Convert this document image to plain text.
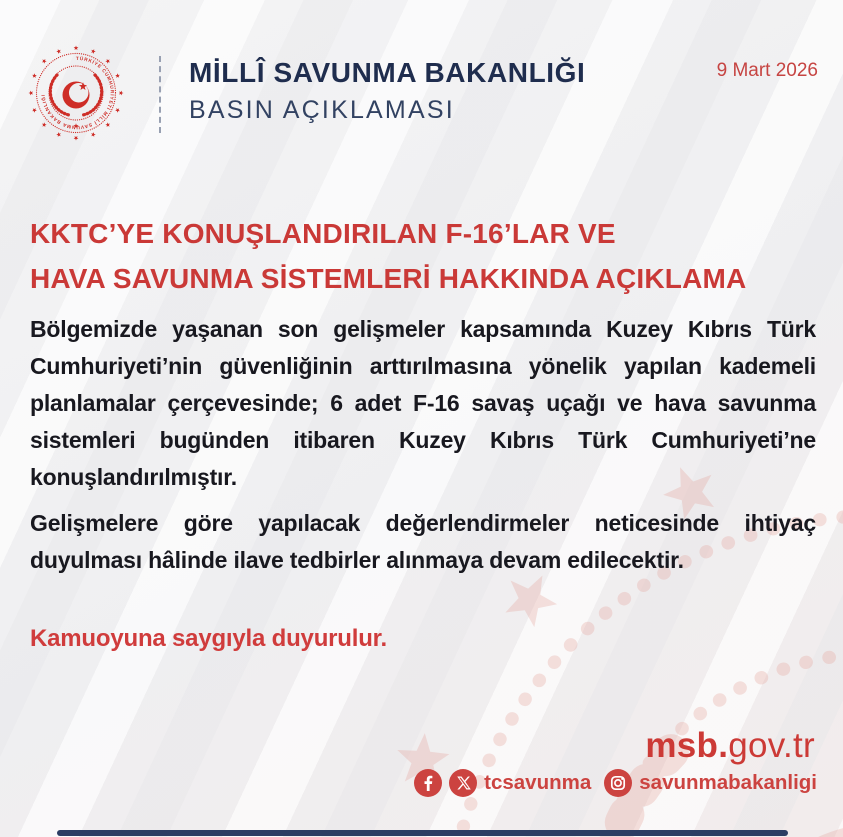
MİLLÎ SAVUNMA BAKANLIĞI
BASIN AÇIKLAMASI
9 Mart 2026
KKTC’YE KONUŞLANDIRILAN F-16’LAR VE
HAVA SAVUNMA SİSTEMLERİ HAKKINDA AÇIKLAMA

Bölgemizde yaşanan son gelişmeler kapsamında Kuzey Kıbrıs Türk Cumhuriyeti’nin güvenliğinin arttırılmasına yönelik yapılan kademeli planlamalar çerçevesinde; 6 adet F-16 savaş uçağı ve hava savunma sistemleri bugünden itibaren Kuzey Kıbrıs Türk Cumhuriyeti’ne konuşlandırılmıştır.

Gelişmelere göre yapılacak değerlendirmeler neticesinde ihtiyaç duyulması hâlinde ilave tedbirler alınmaya devam edilecektir.

Kamuoyuna saygıyla duyurulur.

msb.gov.tr
tcsavunma savunmabakanligi
